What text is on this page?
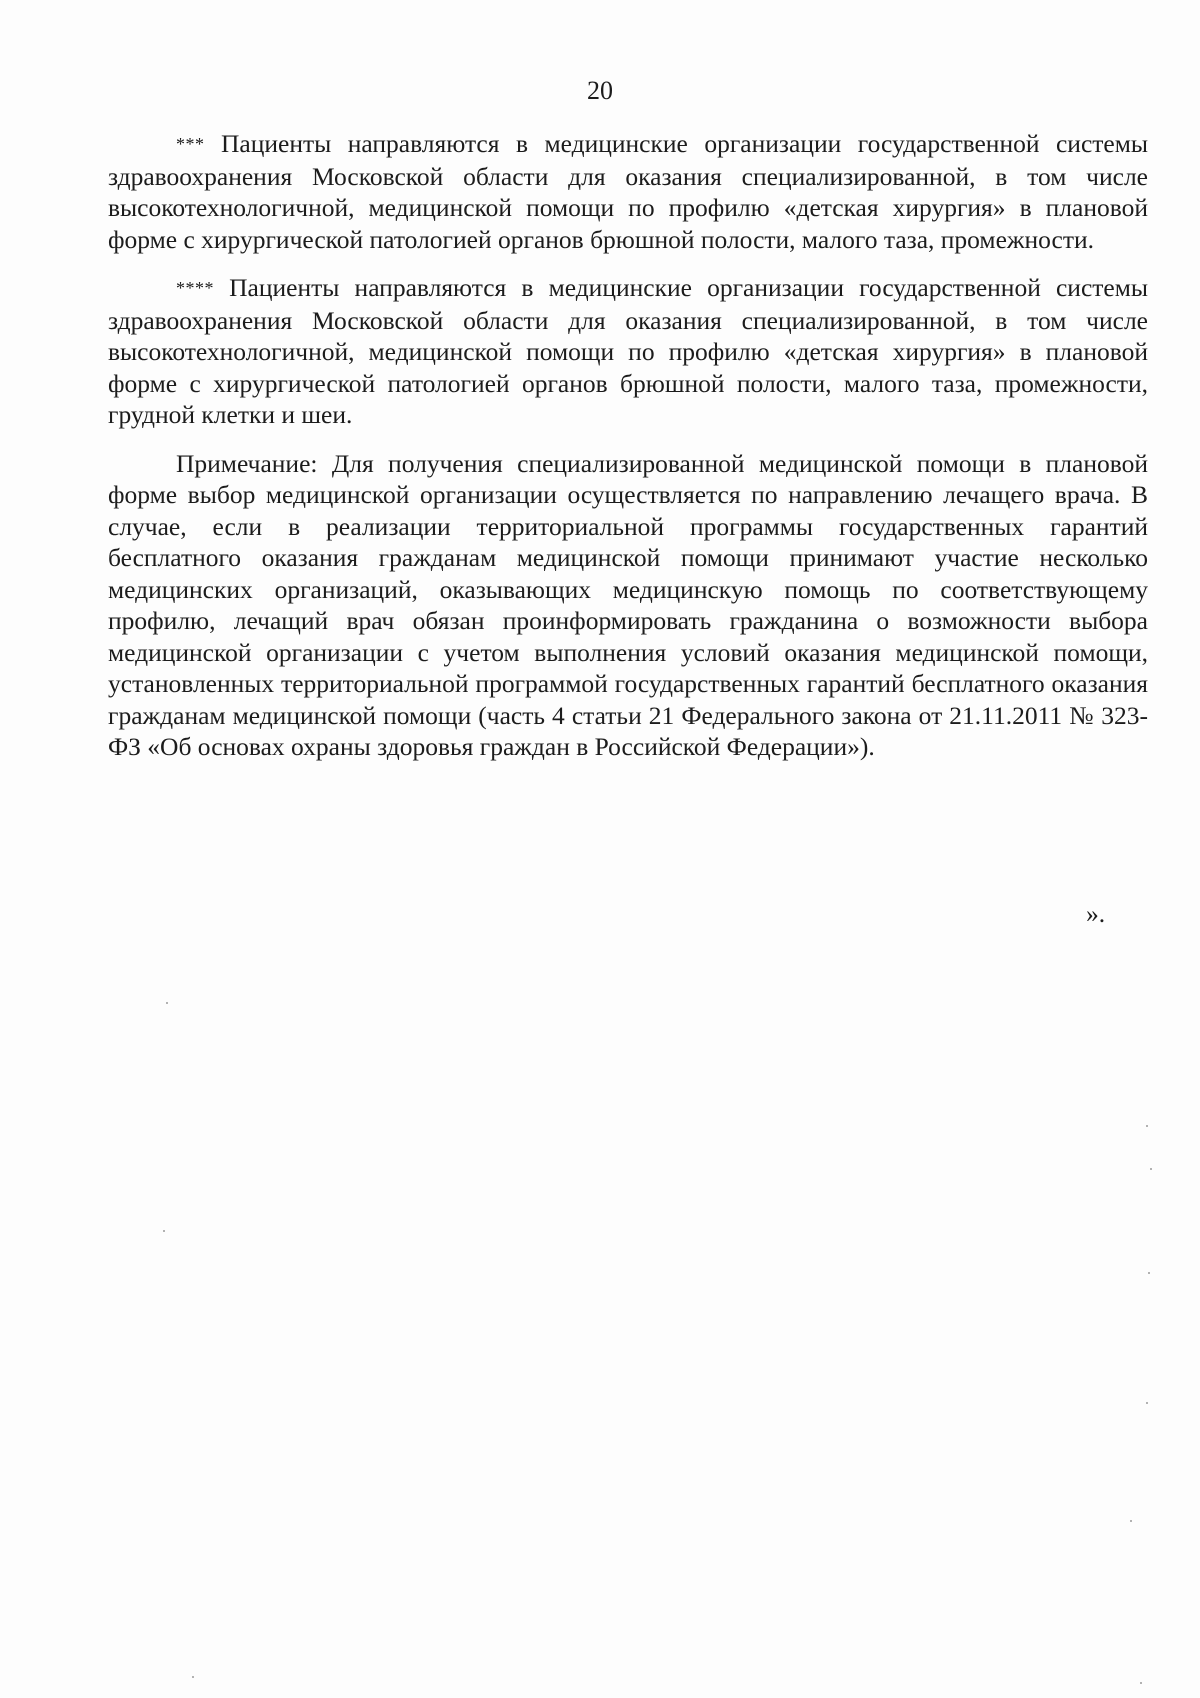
20

*** Пациенты направляются в медицинские организации государственной системы здравоохранения Московской области для оказания специализированной, в том числе высокотехнологичной, медицинской помощи по профилю «детская хирургия» в плановой форме с хирургической патологией органов брюшной полости, малого таза, промежности.

**** Пациенты направляются в медицинские организации государственной системы здравоохранения Московской области для оказания специализированной, в том числе высокотехнологичной, медицинской помощи по профилю «детская хирургия» в плановой форме с хирургической патологией органов брюшной полости, малого таза, промежности, грудной клетки и шеи.

Примечание: Для получения специализированной медицинской помощи в плановой форме выбор медицинской организации осуществляется по направлению лечащего врача. В случае, если в реализации территориальной программы государственных гарантий бесплатного оказания гражданам медицинской помощи принимают участие несколько медицинских организаций, оказывающих медицинскую помощь по соответствующему профилю, лечащий врач обязан проинформировать гражданина о возможности выбора медицинской организации с учетом выполнения условий оказания медицинской помощи, установленных территориальной программой государственных гарантий бесплатного оказания гражданам медицинской помощи (часть 4 статьи 21 Федерального закона от 21.11.2011 № 323-ФЗ «Об основах охраны здоровья граждан в Российской Федерации»).

».
